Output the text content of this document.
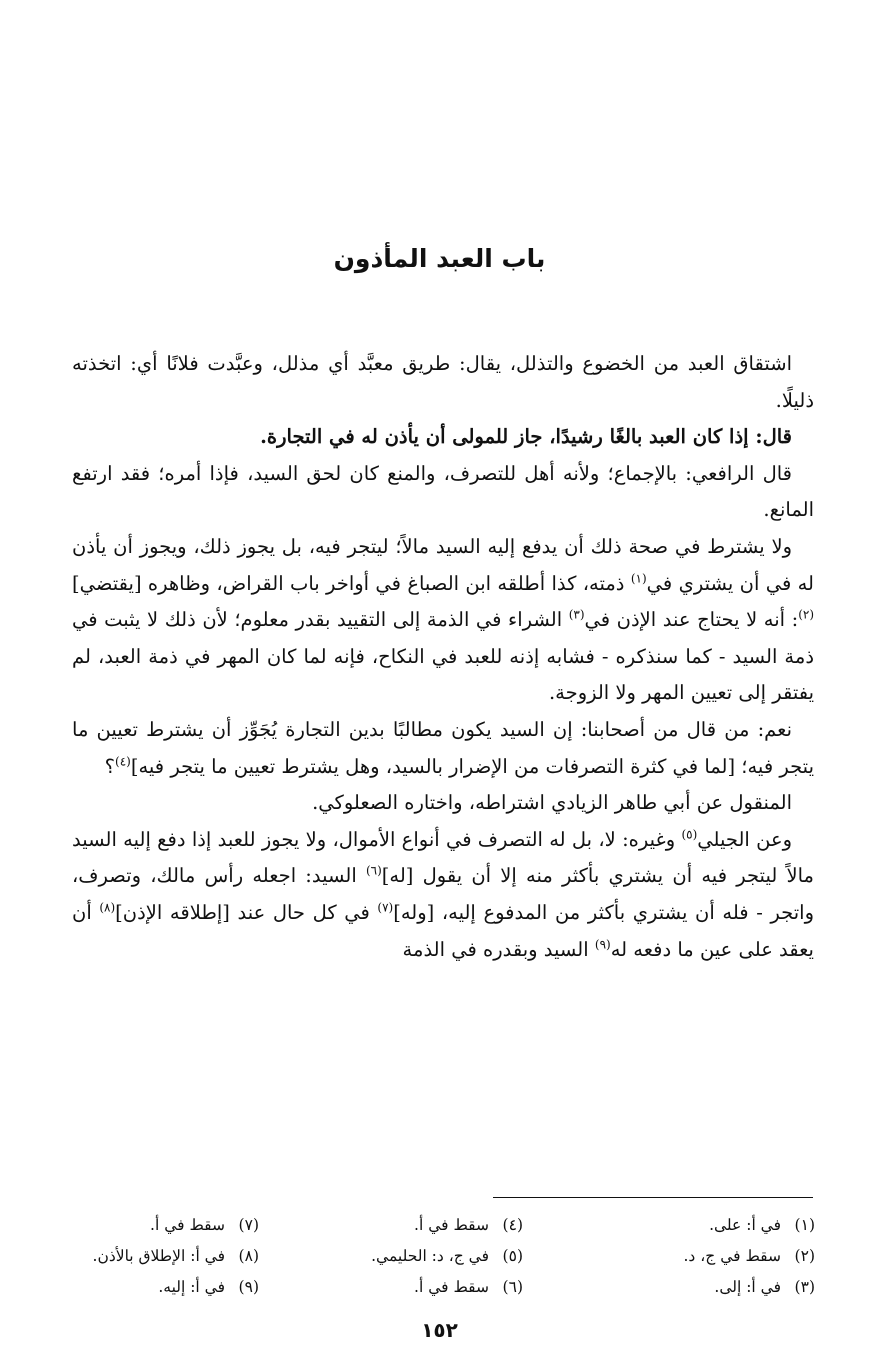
باب العبد المأذون

اشتقاق العبد من الخضوع والتذلل، يقال: طريق معبَّد أي مذلل، وعبَّدت فلانًا أي: اتخذته ذليلًا.

قال: إذا كان العبد بالغًا رشيدًا، جاز للمولى أن يأذن له في التجارة.

قال الرافعي: بالإجماع؛ ولأنه أهل للتصرف، والمنع كان لحق السيد، فإذا أمره؛ فقد ارتفع المانع.

ولا يشترط في صحة ذلك أن يدفع إليه السيد مالاً؛ ليتجر فيه، بل يجوز ذلك، ويجوز أن يأذن له في أن يشتري في$^{(١)}$ ذمته، كذا أطلقه ابن الصباغ في أواخر باب القراض، وظاهره [يقتضي]$^{(٢)}$: أنه لا يحتاج عند الإذن في$^{(٣)}$ الشراء في الذمة إلى التقييد بقدر معلوم؛ لأن ذلك لا يثبت في ذمة السيد - كما سنذكره - فشابه إذنه للعبد في النكاح، فإنه لما كان المهر في ذمة العبد، لم يفتقر إلى تعيين المهر ولا الزوجة.

نعم: من قال من أصحابنا: إن السيد يكون مطالبًا بدين التجارة يُجَوِّز أن يشترط تعيين ما يتجر فيه؛ [لما في كثرة التصرفات من الإضرار بالسيد، وهل يشترط تعيين ما يتجر فيه]$^{(٤)}$؟

المنقول عن أبي طاهر الزيادي اشتراطه، واختاره الصعلوكي.

وعن الجيلي$^{(٥)}$ وغيره: لا، بل له التصرف في أنواع الأموال، ولا يجوز للعبد إذا دفع إليه السيد مالاً ليتجر فيه أن يشتري بأكثر منه إلا أن يقول [له]$^{(٦)}$ السيد: اجعله رأس مالك، وتصرف، واتجر - فله أن يشتري بأكثر من المدفوع إليه، [وله]$^{(٧)}$ في كل حال عند [إطلاقه الإذن]$^{(٨)}$ أن يعقد على عين ما دفعه له$^{(٩)}$ السيد وبقدره في الذمة

(١)في أ: على.
(٤)سقط في أ.
(٧)سقط في أ.
(٢)سقط في ج، د.
(٥)في ج، د: الحليمي.
(٨)في أ: الإطلاق بالأذن.
(٣)في أ: إلى.
(٦)سقط في أ.
(٩)في أ: إليه.
١٥٢
